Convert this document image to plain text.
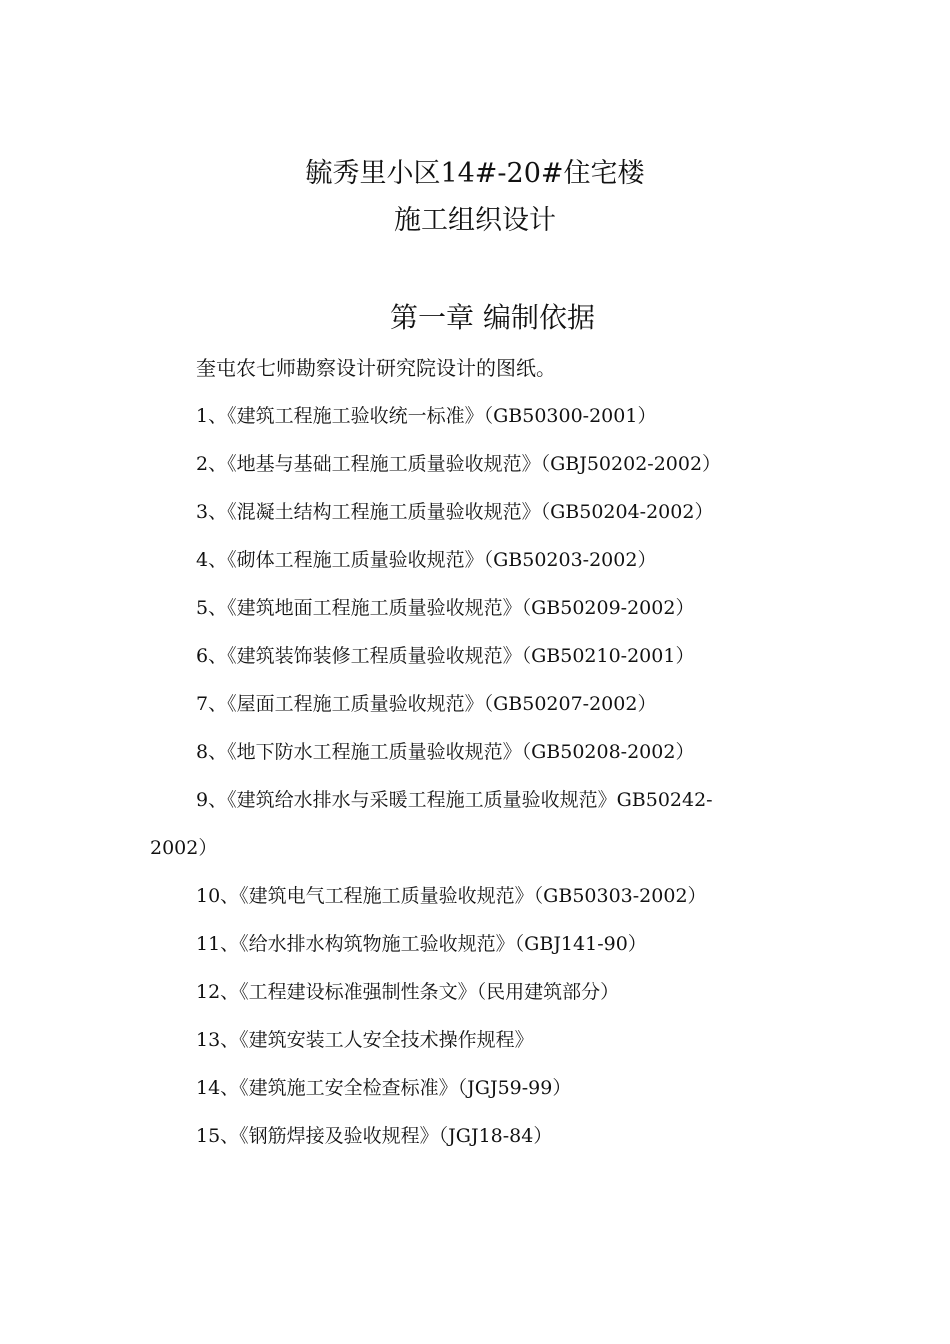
毓秀里小区14#-20#住宅楼
施工组织设计
第一章 编制依据
奎屯农七师勘察设计研究院设计的图纸。
1、《建筑工程施工验收统一标准》（GB50300-2001）
2、《地基与基础工程施工质量验收规范》（GBJ50202-2002）
3、《混凝土结构工程施工质量验收规范》（GB50204-2002）
4、《砌体工程施工质量验收规范》（GB50203-2002）
5、《建筑地面工程施工质量验收规范》（GB50209-2002）
6、《建筑装饰装修工程质量验收规范》（GB50210-2001）
7、《屋面工程施工质量验收规范》（GB50207-2002）
8、《地下防水工程施工质量验收规范》（GB50208-2002）
9、《建筑给水排水与采暖工程施工质量验收规范》GB50242-
2002）
10、《建筑电气工程施工质量验收规范》（GB50303-2002）
11、《给水排水构筑物施工验收规范》（GBJ141-90）
12、《工程建设标准强制性条文》（民用建筑部分）
13、《建筑安装工人安全技术操作规程》
14、《建筑施工安全检查标准》（JGJ59-99）
15、《钢筋焊接及验收规程》（JGJ18-84）
